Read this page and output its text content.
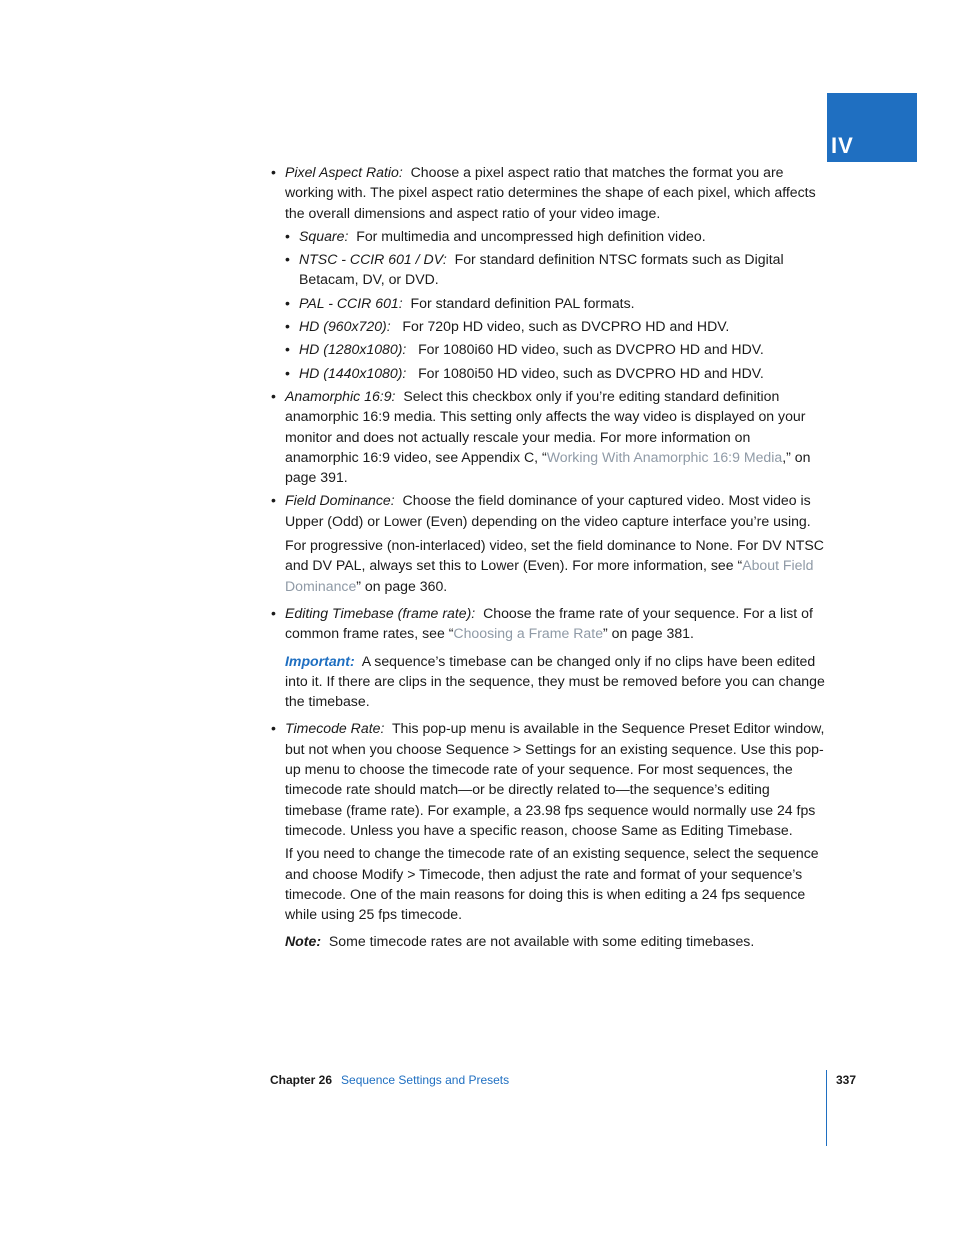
IV
• Pixel Aspect Ratio: Choose a pixel aspect ratio that matches the format you are working with. The pixel aspect ratio determines the shape of each pixel, which affects the overall dimensions and aspect ratio of your video image.
• Square: For multimedia and uncompressed high definition video.
• NTSC - CCIR 601 / DV: For standard definition NTSC formats such as Digital Betacam, DV, or DVD.
• PAL - CCIR 601: For standard definition PAL formats.
• HD (960x720): For 720p HD video, such as DVCPRO HD and HDV.
• HD (1280x1080): For 1080i60 HD video, such as DVCPRO HD and HDV.
• HD (1440x1080): For 1080i50 HD video, such as DVCPRO HD and HDV.
• Anamorphic 16:9: Select this checkbox only if you’re editing standard definition anamorphic 16:9 media. This setting only affects the way video is displayed on your monitor and does not actually rescale your media. For more information on anamorphic 16:9 video, see Appendix C, “Working With Anamorphic 16:9 Media,” on page 391.
• Field Dominance: Choose the field dominance of your captured video. Most video is Upper (Odd) or Lower (Even) depending on the video capture interface you’re using.
For progressive (non-interlaced) video, set the field dominance to None. For DV NTSC and DV PAL, always set this to Lower (Even). For more information, see “About Field Dominance” on page 360.
• Editing Timebase (frame rate): Choose the frame rate of your sequence. For a list of common frame rates, see “Choosing a Frame Rate” on page 381.
Important: A sequence’s timebase can be changed only if no clips have been edited into it. If there are clips in the sequence, they must be removed before you can change the timebase.
• Timecode Rate: This pop-up menu is available in the Sequence Preset Editor window, but not when you choose Sequence > Settings for an existing sequence. Use this pop-up menu to choose the timecode rate of your sequence. For most sequences, the timecode rate should match—or be directly related to—the sequence’s editing timebase (frame rate). For example, a 23.98 fps sequence would normally use 24 fps timecode. Unless you have a specific reason, choose Same as Editing Timebase.
If you need to change the timecode rate of an existing sequence, select the sequence and choose Modify > Timecode, then adjust the rate and format of your sequence’s timecode. One of the main reasons for doing this is when editing a 24 fps sequence while using 25 fps timecode.
Note: Some timecode rates are not available with some editing timebases.
Chapter 26 Sequence Settings and Presets	337
